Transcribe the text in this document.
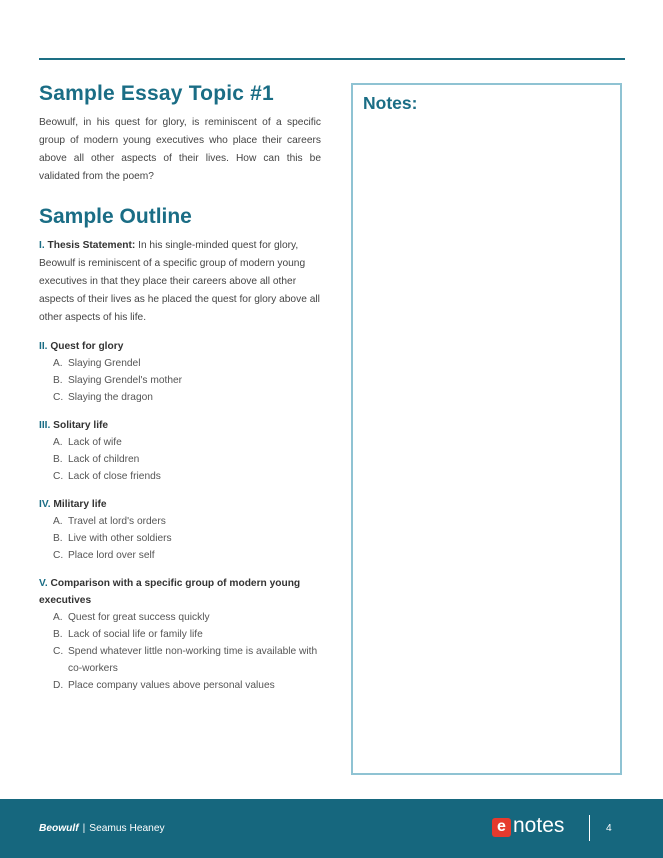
Sample Essay Topic #1

Beowulf, in his quest for glory, is reminiscent of a specific group of modern young executives who place their careers above all other aspects of their lives. How can this be validated from the poem?

Sample Outline

I. Thesis Statement: In his single-minded quest for glory, Beowulf is reminiscent of a specific group of modern young executives in that they place their careers above all other aspects of their lives as he placed the quest for glory above all other aspects of his life.

II. Quest for glory
A. Slaying Grendel
B. Slaying Grendel's mother
C. Slaying the dragon
III. Solitary life
A. Lack of wife
B. Lack of children
C. Lack of close friends
IV. Military life
A. Travel at lord's orders
B. Live with other soldiers
C. Place lord over self
V. Comparison with a specific group of modern young executives
A. Quest for great success quickly
B. Lack of social life or family life
C. Spend whatever little non-working time is available with co-workers
D. Place company values above personal values
Notes:
Beowulf | Seamus Heaney	e notes	4
